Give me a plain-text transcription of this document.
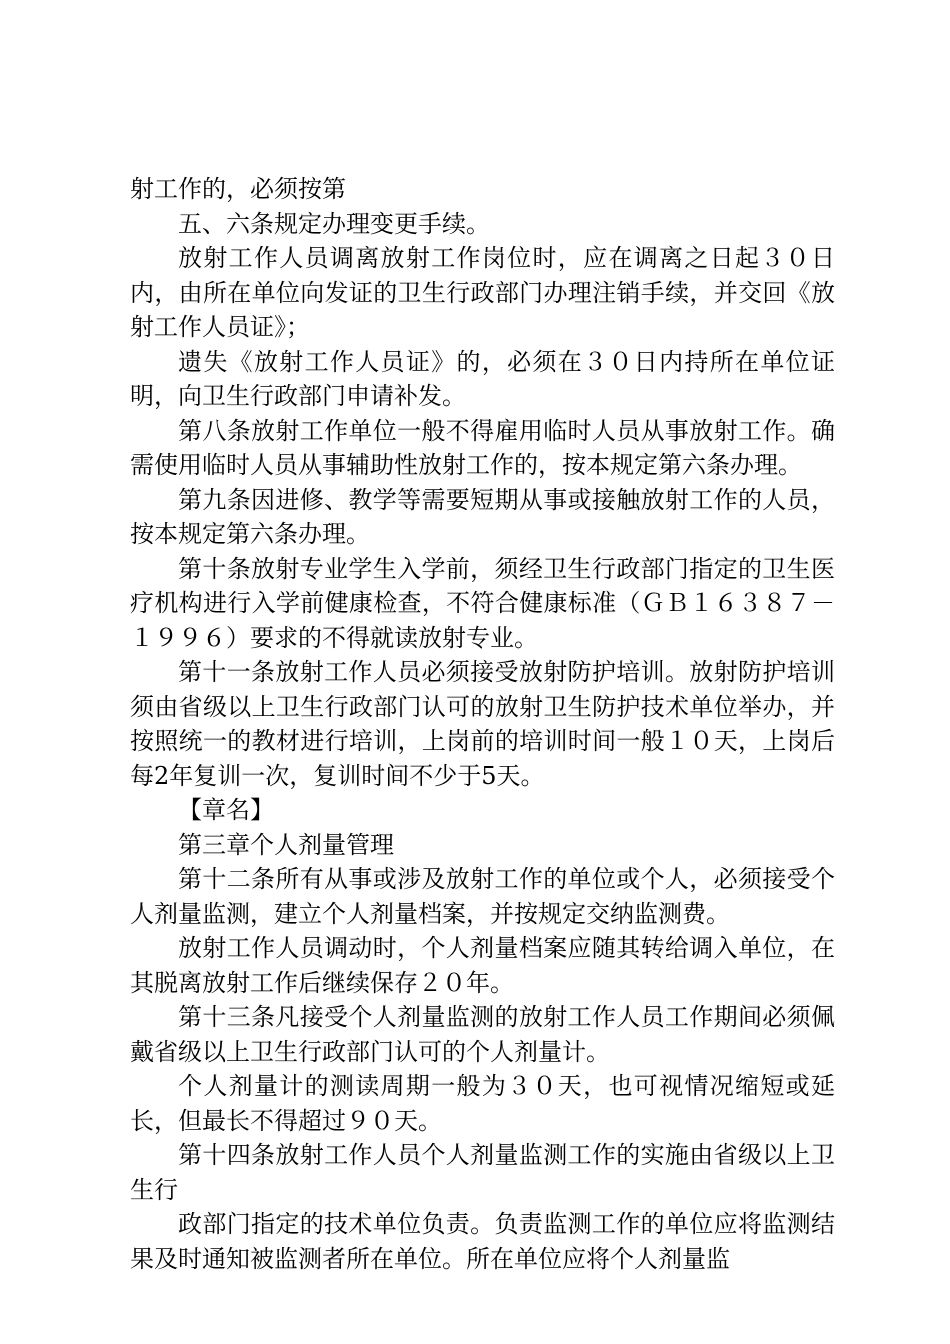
射工作的，必须按第

五、六条规定办理变更手续。

放射工作人员调离放射工作岗位时，应在调离之日起３０日内，由所在单位向发证的卫生行政部门办理注销手续，并交回《放射工作人员证》；

遗失《放射工作人员证》的，必须在３０日内持所在单位证明，向卫生行政部门申请补发。

第八条放射工作单位一般不得雇用临时人员从事放射工作。确需使用临时人员从事辅助性放射工作的，按本规定第六条办理。

第九条因进修、教学等需要短期从事或接触放射工作的人员，按本规定第六条办理。

第十条放射专业学生入学前，须经卫生行政部门指定的卫生医疗机构进行入学前健康检查，不符合健康标准（ＧＢ１６３８７－１９９６）要求的不得就读放射专业。

第十一条放射工作人员必须接受放射防护培训。放射防护培训须由省级以上卫生行政部门认可的放射卫生防护技术单位举办，并按照统一的教材进行培训，上岗前的培训时间一般１０天，上岗后每2年复训一次，复训时间不少于5天。

【章名】

第三章个人剂量管理

第十二条所有从事或涉及放射工作的单位或个人，必须接受个人剂量监测，建立个人剂量档案，并按规定交纳监测费。

放射工作人员调动时，个人剂量档案应随其转给调入单位，在其脱离放射工作后继续保存２０年。

第十三条凡接受个人剂量监测的放射工作人员工作期间必须佩戴省级以上卫生行政部门认可的个人剂量计。

个人剂量计的测读周期一般为３０天，也可视情况缩短或延长，但最长不得超过９０天。

第十四条放射工作人员个人剂量监测工作的实施由省级以上卫生行

政部门指定的技术单位负责。负责监测工作的单位应将监测结果及时通知被监测者所在单位。所在单位应将个人剂量监
